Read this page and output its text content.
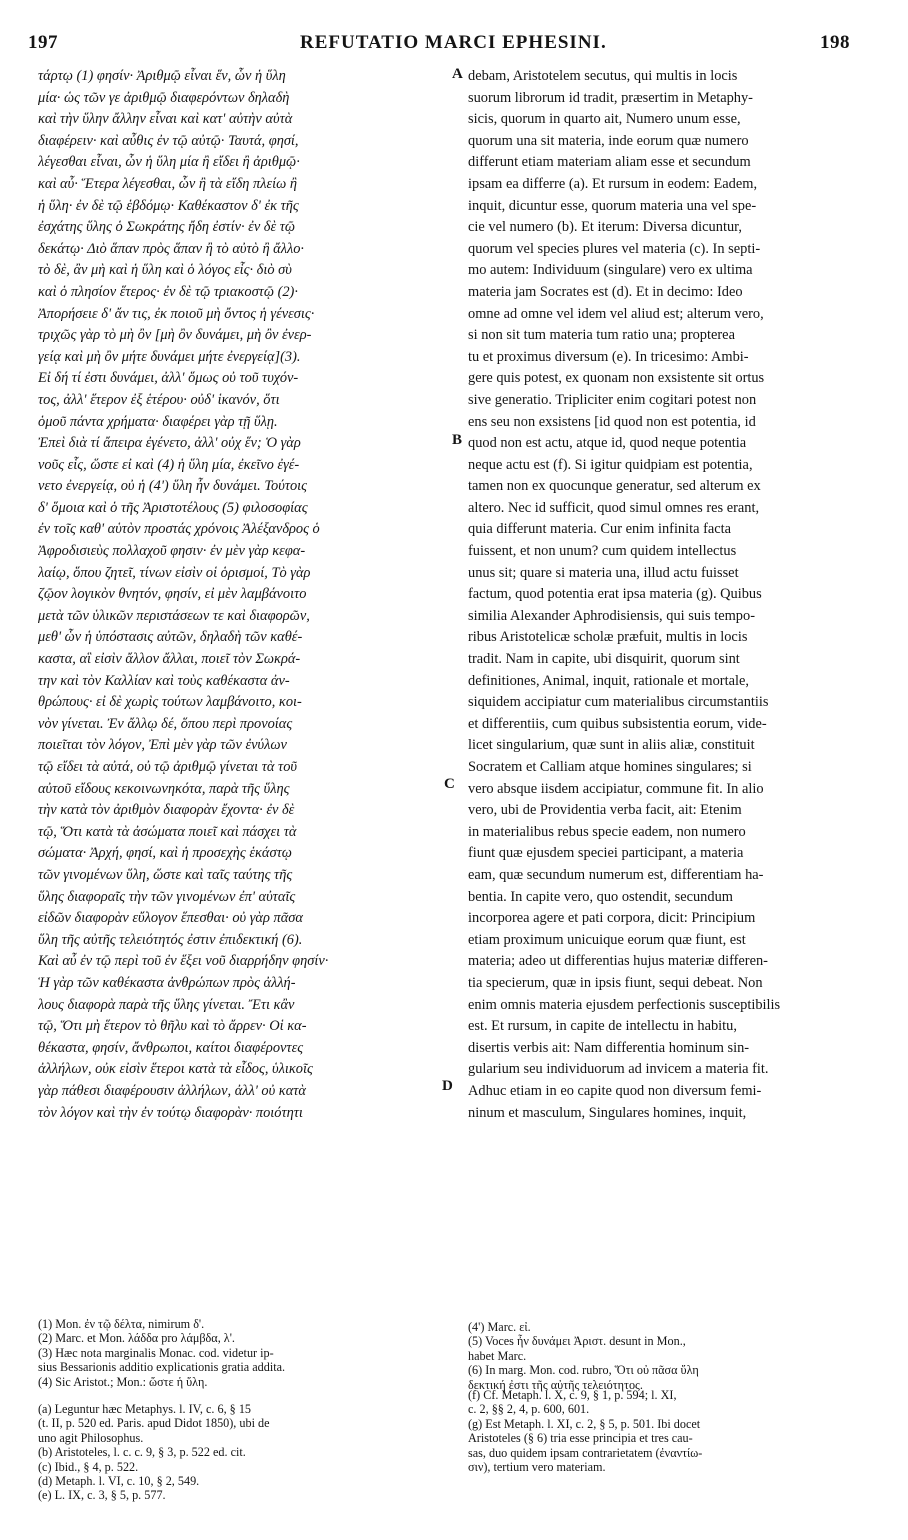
197	REFUTATIO MARCI EPHESINI.	198
τάρτῳ (1) φησίν· Ἀριθμῷ εἶναι ἕν, ὧν ἡ ὕλη
μία· ὡς τῶν γε ἀριθμῷ διαφερόντων δηλαδὴ
καὶ τὴν ὕλην ἄλλην εἶναι καὶ κατ' αὐτὴν αὐτὰ
διαφέρειν· καὶ αὖθις ἐν τῷ αὐτῷ· Ταυτά, φησί,
λέγεσθαι εἶναι, ὧν ἡ ὕλη μία ἢ εἴδει ἢ ἀριθμῷ·
καὶ αὖ· Ἕτερα λέγεσθαι, ὧν ἢ τὰ εἴδη πλείω ἢ
ἡ ὕλη· ἐν δὲ τῷ ἑβδόμῳ· Καθέκαστον δ' ἐκ τῆς
ἐσχάτης ὕλης ὁ Σωκράτης ἤδη ἐστίν· ἐν δὲ τῷ
δεκάτῳ· Διὸ ἅπαν πρὸς ἅπαν ἢ τὸ αὐτὸ ἢ ἄλλο·
τὸ δὲ, ἂν μὴ καὶ ἡ ὕλη καὶ ὁ λόγος εἷς· διὸ σὺ
καὶ ὁ πλησίον ἕτερος· ἐν δὲ τῷ τριακοστῷ (2)·
Ἀπορήσειε δ' ἄν τις, ἐκ ποιοῦ μὴ ὄντος ἡ γένεσις·
τριχῶς γὰρ τὸ μὴ ὂν [μὴ ὂν δυνάμει, μὴ ὂν ἐνερ-
γείᾳ καὶ μὴ ὂν μήτε δυνάμει μήτε ἐνεργείᾳ](3).
Εἰ δή τί ἐστι δυνάμει, ἀλλ' ὅμως οὐ τοῦ τυχόν-
τος, ἀλλ' ἕτερον ἐξ ἑτέρου· οὐδ' ἱκανόν, ὅτι
ὁμοῦ πάντα χρήματα· διαφέρει γὰρ τῇ ὕλῃ.
Ἐπεὶ διὰ τί ἄπειρα ἐγένετο, ἀλλ' οὐχ ἕν; Ὁ γὰρ
νοῦς εἷς, ὥστε εἰ καὶ (4) ἡ ὕλη μία, ἐκεῖνο ἐγέ-
νετο ἐνεργείᾳ, οὐ ἡ (4') ὕλη ἦν δυνάμει. Τούτοις
δ' ὅμοια καὶ ὁ τῆς Ἀριστοτέλους (5) φιλοσοφίας
ἐν τοῖς καθ' αὑτὸν προστάς χρόνοις Ἀλέξανδρος ὁ
Ἀφροδισιεὺς πολλαχοῦ φησιν· ἐν μὲν γὰρ κεφα-
λαίῳ, ὅπου ζητεῖ, τίνων εἰσὶν οἱ ὁρισμοί, Τὸ γὰρ
ζῷον λογικὸν θνητόν, φησίν, εἰ μὲν λαμβάνοιτο
μετὰ τῶν ὑλικῶν περιστάσεων τε καὶ διαφορῶν,
μεθ' ὧν ἡ ὑπόστασις αὐτῶν, δηλαδὴ τῶν καθέ-
καστα, αἳ εἰσὶν ἄλλον ἄλλαι, ποιεῖ τὸν Σωκρά-
την καὶ τὸν Καλλίαν καὶ τοὺς καθέκαστα ἀν-
θρώπους· εἰ δὲ χωρὶς τούτων λαμβάνοιτο, κοι-
νὸν γίνεται. Ἐν ἄλλῳ δέ, ὅπου περὶ προνοίας
ποιεῖται τὸν λόγον, Ἐπὶ μὲν γὰρ τῶν ἐνύλων
τῷ εἴδει τὰ αὐτά, οὐ τῷ ἀριθμῷ γίνεται τὰ τοῦ
αὐτοῦ εἴδους κεκοινωνηκότα, παρὰ τῆς ὕλης
τὴν κατὰ τὸν ἀριθμὸν διαφορὰν ἔχοντα· ἐν δὲ
τῷ, Ὅτι κατὰ τὰ ἀσώματα ποιεῖ καὶ πάσχει τὰ
σώματα· Ἀρχή, φησί, καὶ ἡ προσεχὴς ἑκάστῳ
τῶν γινομένων ὕλη, ὥστε καὶ ταῖς ταύτης τῆς
ὕλης διαφοραῖς τὴν τῶν γινομένων ἐπ' αὐταῖς
εἰδῶν διαφορὰν εὔλογον ἕπεσθαι· οὐ γὰρ πᾶσα
ὕλη τῆς αὐτῆς τελειότητός ἐστιν ἐπιδεκτική (6).
Καὶ αὖ ἐν τῷ περὶ τοῦ ἐν ἕξει νοῦ διαρρήδην φησίν·
Ἡ γὰρ τῶν καθέκαστα ἀνθρώπων πρὸς ἀλλή-
λους διαφορὰ παρὰ τῆς ὕλης γίνεται. Ἔτι κἂν
τῷ, Ὅτι μὴ ἕτερον τὸ θῆλυ καὶ τὸ ἄρρεν· Οἱ κα-
θέκαστα, φησίν, ἄνθρωποι, καίτοι διαφέροντες
ἀλλήλων, οὐκ εἰσὶν ἕτεροι κατὰ τὰ εἶδος, ὑλικοῖς
γὰρ πάθεσι διαφέρουσιν ἀλλήλων, ἀλλ' οὐ κατὰ
τὸν λόγον καὶ τὴν ἐν τούτῳ διαφορὰν· ποιότητι
debam, Aristotelem secutus, qui multis in locis
suorum librorum id tradit, præsertim in Metaphy-
sicis, quorum in quarto ait, Numero unum esse,
quorum una sit materia, inde eorum quæ numero
differunt etiam materiam aliam esse et secundum
ipsam ea differre (a). Et rursum in eodem: Eadem,
inquit, dicuntur esse, quorum materia una vel spe-
cie vel numero (b). Et iterum: Diversa dicuntur,
quorum vel species plures vel materia (c). In septi-
mo autem: Individuum (singulare) vero ex ultima
materia jam Socrates est (d). Et in decimo: Ideo
omne ad omne vel idem vel aliud est; alterum vero,
si non sit tum materia tum ratio una; propterea
tu et proximus diversum (e). In tricesimo: Ambi-
gere quis potest, ex quonam non exsistente sit ortus
sive generatio. Tripliciter enim cogitari potest non
ens seu non exsistens [id quod non est potentia, id
quod non est actu, atque id, quod neque potentia
neque actu est (f). Si igitur quidpiam est potentia,
tamen non ex quocunque generatur, sed alterum ex
altero. Nec id sufficit, quod simul omnes res erant,
quia differunt materia. Cur enim infinita facta
fuissent, et non unum? cum quidem intellectus
unus sit; quare si materia una, illud actu fuisset
factum, quod potentia erat ipsa materia (g). Quibus
similia Alexander Aphrodisiensis, qui suis tempo-
ribus Aristotelicæ scholæ præfuit, multis in locis
tradit. Nam in capite, ubi disquirit, quorum sint
definitiones, Animal, inquit, rationale et mortale,
siquidem accipiatur cum materialibus circumstantiis
et differentiis, cum quibus subsistentia eorum, vide-
licet singularium, quæ sunt in aliis aliæ, constituit
Socratem et Calliam atque homines singulares; si
vero absque iisdem accipiatur, commune fit. In alio
vero, ubi de Providentia verba facit, ait: Etenim
in materialibus rebus specie eadem, non numero
fiunt quæ ejusdem speciei participant, a materia
eam, quæ secundum numerum est, differentiam ha-
bentia. In capite vero, quo ostendit, secundum
incorporea agere et pati corpora, dicit: Principium
etiam proximum unicuique eorum quæ fiunt, est
materia; adeo ut differentias hujus materiæ differen-
tia specierum, quæ in ipsis fiunt, sequi debeat. Non
enim omnis materia ejusdem perfectionis susceptibilis
est. Et rursum, in capite de intellectu in habitu,
disertis verbis ait: Nam differentia hominum sin-
gularium seu individuorum ad invicem a materia fit.
Adhuc etiam in eo capite quod non diversum femi-
ninum et masculum, Singulares homines, inquit,
A
B
C
D
(1) Mon. ἐν τῷ δέλτα, nimirum δ'.
(2) Marc. et Mon. λάδδα pro λάμβδα, λ'.
(3) Hæc nota marginalis Monac. cod. videtur ip-
sius Bessarionis additio explicationis gratia addita.
(4) Sic Aristot.; Mon.: ὥστε ἡ ὕλη.
(a) Leguntur hæc Metaphys. l. IV, c. 6, § 15
(t. II, p. 520 ed. Paris. apud Didot 1850), ubi de
uno agit Philosophus.
(b) Aristoteles, l. c. c. 9, § 3, p. 522 ed. cit.
(c) Ibid., § 4, p. 522.
(d) Metaph. l. VI, c. 10, § 2, 549.
(e) L. IX, c. 3, § 5, p. 577.
(4') Marc. εἰ.
(5) Voces ἦν δυνάμει Ἀριστ. desunt in Mon.,
habet Marc.
(6) In marg. Mon. cod. rubro, Ὅτι οὐ πᾶσα ὕλη
δεκτική ἐστι τῆς αὐτῆς τελειότητος.
(f) Cf. Metaph. l. X, c. 9, § 1, p. 594; l. XI,
c. 2, §§ 2, 4, p. 600, 601.
(g) Est Metaph. l. XI, c. 2, § 5, p. 501. Ibi docet
Aristoteles (§ 6) tria esse principia et tres cau-
sas, duo quidem ipsam contrarietatem (ἐναντίω-
σιν), tertium vero materiam.
